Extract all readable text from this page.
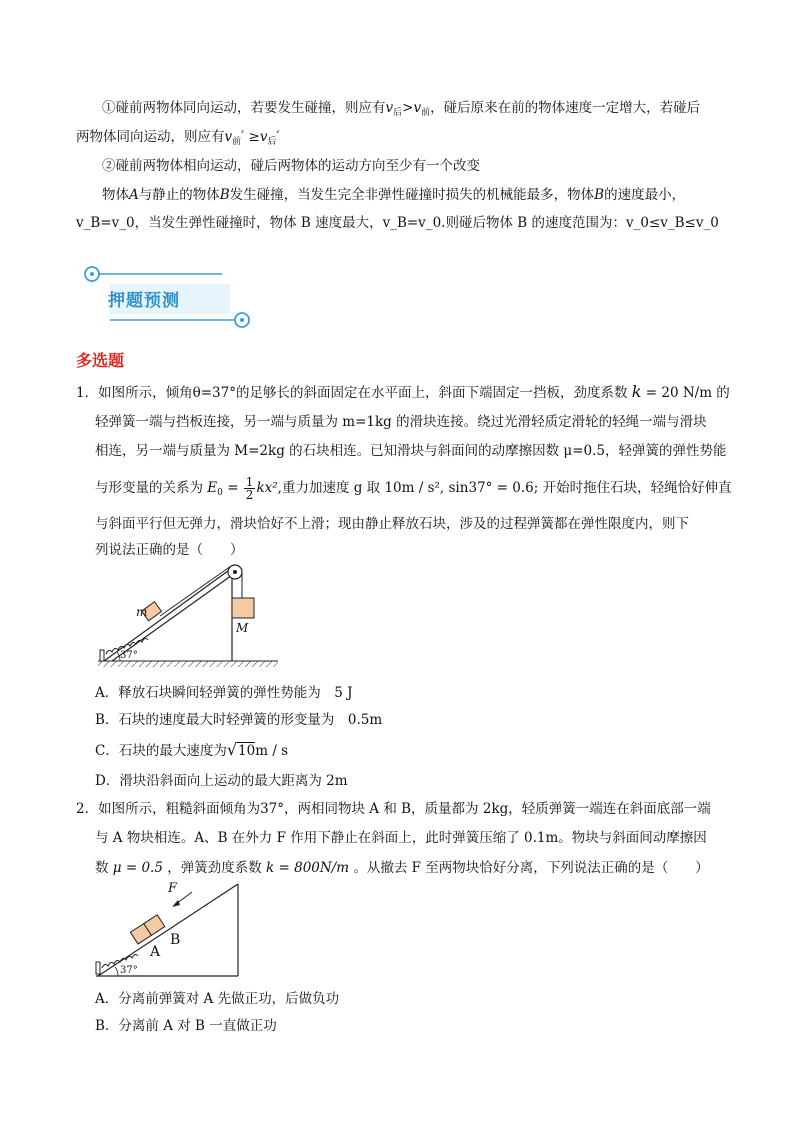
①碰前两物体同向运动，若要发生碰撞，则应有$v_后>v_前$，碰后原来在前的物体速度一定增大，若碰后
两物体同向运动，则应有$v_前' \ge v_后'$
②碰前两物体相向运动，碰后两物体的运动方向至少有一个改变
物体A与静止的物体B发生碰撞，当发生完全非弹性碰撞时损失的机械能最多，物体B的速度最小，
v_B=v_0，当发生弹性碰撞时，物体 B 速度最大，v_B=v_0.则碰后物体 B 的速度范围为：v_0≤v_B≤v_0
押题预测
多选题
1．如图所示，倾角θ=37°的足够长的斜面固定在水平面上，斜面下端固定一挡板，劲度系数 k = 20 N/m 的
轻弹簧一端与挡板连接，另一端与质量为 m=1kg 的滑块连接。绕过光滑轻质定滑轮的轻绳一端与滑块
相连，另一端与质量为 M=2kg 的石块相连。已知滑块与斜面间的动摩擦因数 μ=0.5，轻弹簧的弹性势能
与形变量的关系为 $E_0 = \frac{1}{2} kx^2$,重力加速度 g 取 10m / s², sin37° = 0.6; 开始时拖住石块，轻绳恰好伸直
与斜面平行但无弹力，滑块恰好不上滑；现由静止释放石块，涉及的过程弹簧都在弹性限度内，则下
列说法正确的是（　　）
M
m
37°
A．释放石块瞬间轻弹簧的弹性势能为　5 J
B．石块的速度最大时轻弹簧的形变量为　0.5m
C．石块的最大速度为√10m / s
D．滑块沿斜面向上运动的最大距离为 2m
2．如图所示，粗糙斜面倾角为37°，两相同物块 A 和 B，质量都为 2kg，轻质弹簧一端连在斜面底部一端
与 A 物块相连。A、B 在外力 F 作用下静止在斜面上，此时弹簧压缩了 0.1m。物块与斜面间动摩擦因
数 μ = 0.5 ，弹簧劲度系数 k = 800N/m 。从撤去 F 至两物块恰好分离，下列说法正确的是（　　）
F
B
A
37°
A．分离前弹簧对 A 先做正功，后做负功
B．分离前 A 对 B 一直做正功
